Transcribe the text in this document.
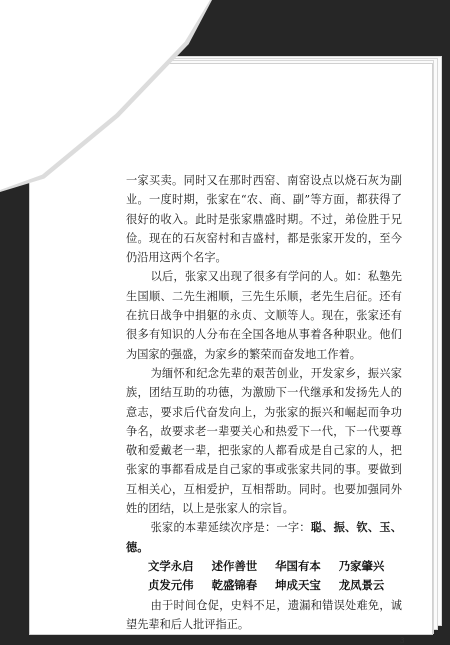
一家买卖。同时又在那时西窑、南窑设点以烧石灰为副业。一度时期，张家在“农、商、副”等方面，都获得了很好的收入。此时是张家鼎盛时期。不过，弟俭胜于兄俭。现在的石灰窑村和吉盛村，都是张家开发的，至今仍沿用这两个名字。

以后，张家又出现了很多有学问的人。如：私塾先生国顺、二先生湘顺，三先生乐顺，老先生启征。还有在抗日战争中捐躯的永贞、文顺等人。现在，张家还有很多有知识的人分布在全国各地从事着各种职业。他们为国家的强盛，为家乡的繁荣而奋发地工作着。

为缅怀和纪念先辈的艰苦创业，开发家乡，振兴家族，团结互助的功德，为激励下一代继承和发扬先人的意志，要求后代奋发向上，为张家的振兴和崛起而争功争名，故要求老一辈要关心和热爱下一代，下一代要尊敬和爱戴老一辈，把张家的人都看成是自己家的人，把张家的事都看成是自己家的事或张家共同的事。要做到互相关心，互相爱护，互相帮助。同时。也要加强同外姓的团结，以上是张家人的宗旨。

张家的本辈延续次序是：一字：聪、振、钦、玉、德。

文学永启 述作善世 华国有本 乃家肇兴
贞发元伟 乾盛锦春 坤成天宝 龙凤景云

由于时间仓促，史料不足，遗漏和错误处难免，诚望先辈和后人批评指正。

3
